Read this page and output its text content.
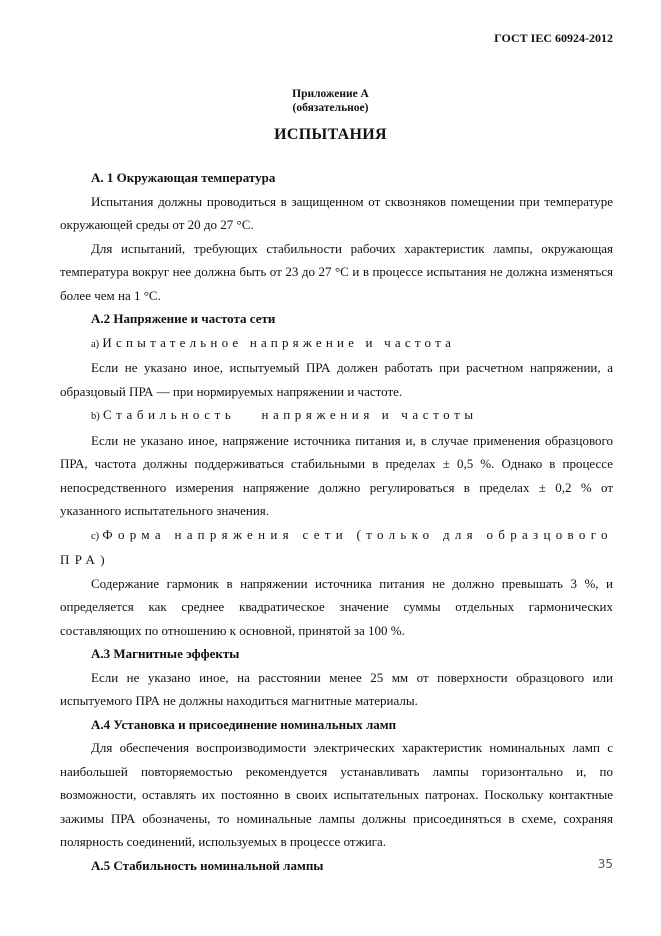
ГОСТ IEC 60924-2012
Приложение А
(обязательное)
ИСПЫТАНИЯ

А. 1 Окружающая температура

Испытания должны проводиться в защищенном от сквозняков помещении при температуре окружающей среды от 20 до 27 °С.

Для испытаний, требующих стабильности рабочих характеристик лампы, окружающая температура вокруг нее должна быть от 23 до 27 °С и в процессе испытания не должна изменяться более чем на 1 °С.

А.2 Напряжение и частота сети

a) Испытательное напряжение и частота

Если не указано иное, испытуемый ПРА должен работать при расчетном напряжении, а образцовый ПРА — при нормируемых напряжении и частоте.

b) Стабильность напряжения и частоты

Если не указано иное, напряжение источника питания и, в случае применения образцового ПРА, частота должны поддерживаться стабильными в пределах ± 0,5 %. Однако в процессе непосредственного измерения напряжение должно регулироваться в пределах ± 0,2 % от указанного испытательного значения.

c) Форма напряжения сети (только для образцового ПРА)

Содержание гармоник в напряжении источника питания не должно превышать 3 %, и определяется как среднее квадратическое значение суммы отдельных гармонических составляющих по отношению к основной, принятой за 100 %.

А.3 Магнитные эффекты

Если не указано иное, на расстоянии менее 25 мм от поверхности образцового или испытуемого ПРА не должны находиться магнитные материалы.

А.4 Установка и присоединение номинальных ламп

Для обеспечения воспроизводимости электрических характеристик номинальных ламп с наибольшей повторяемостью рекомендуется устанавливать лампы горизонтально и, по возможности, оставлять их постоянно в своих испытательных патронах. Поскольку контактные зажимы ПРА обозначены, то номинальные лампы должны присоединяться в схеме, сохраняя полярность соединений, используемых в процессе отжига.

А.5 Стабильность номинальной лампы	35
